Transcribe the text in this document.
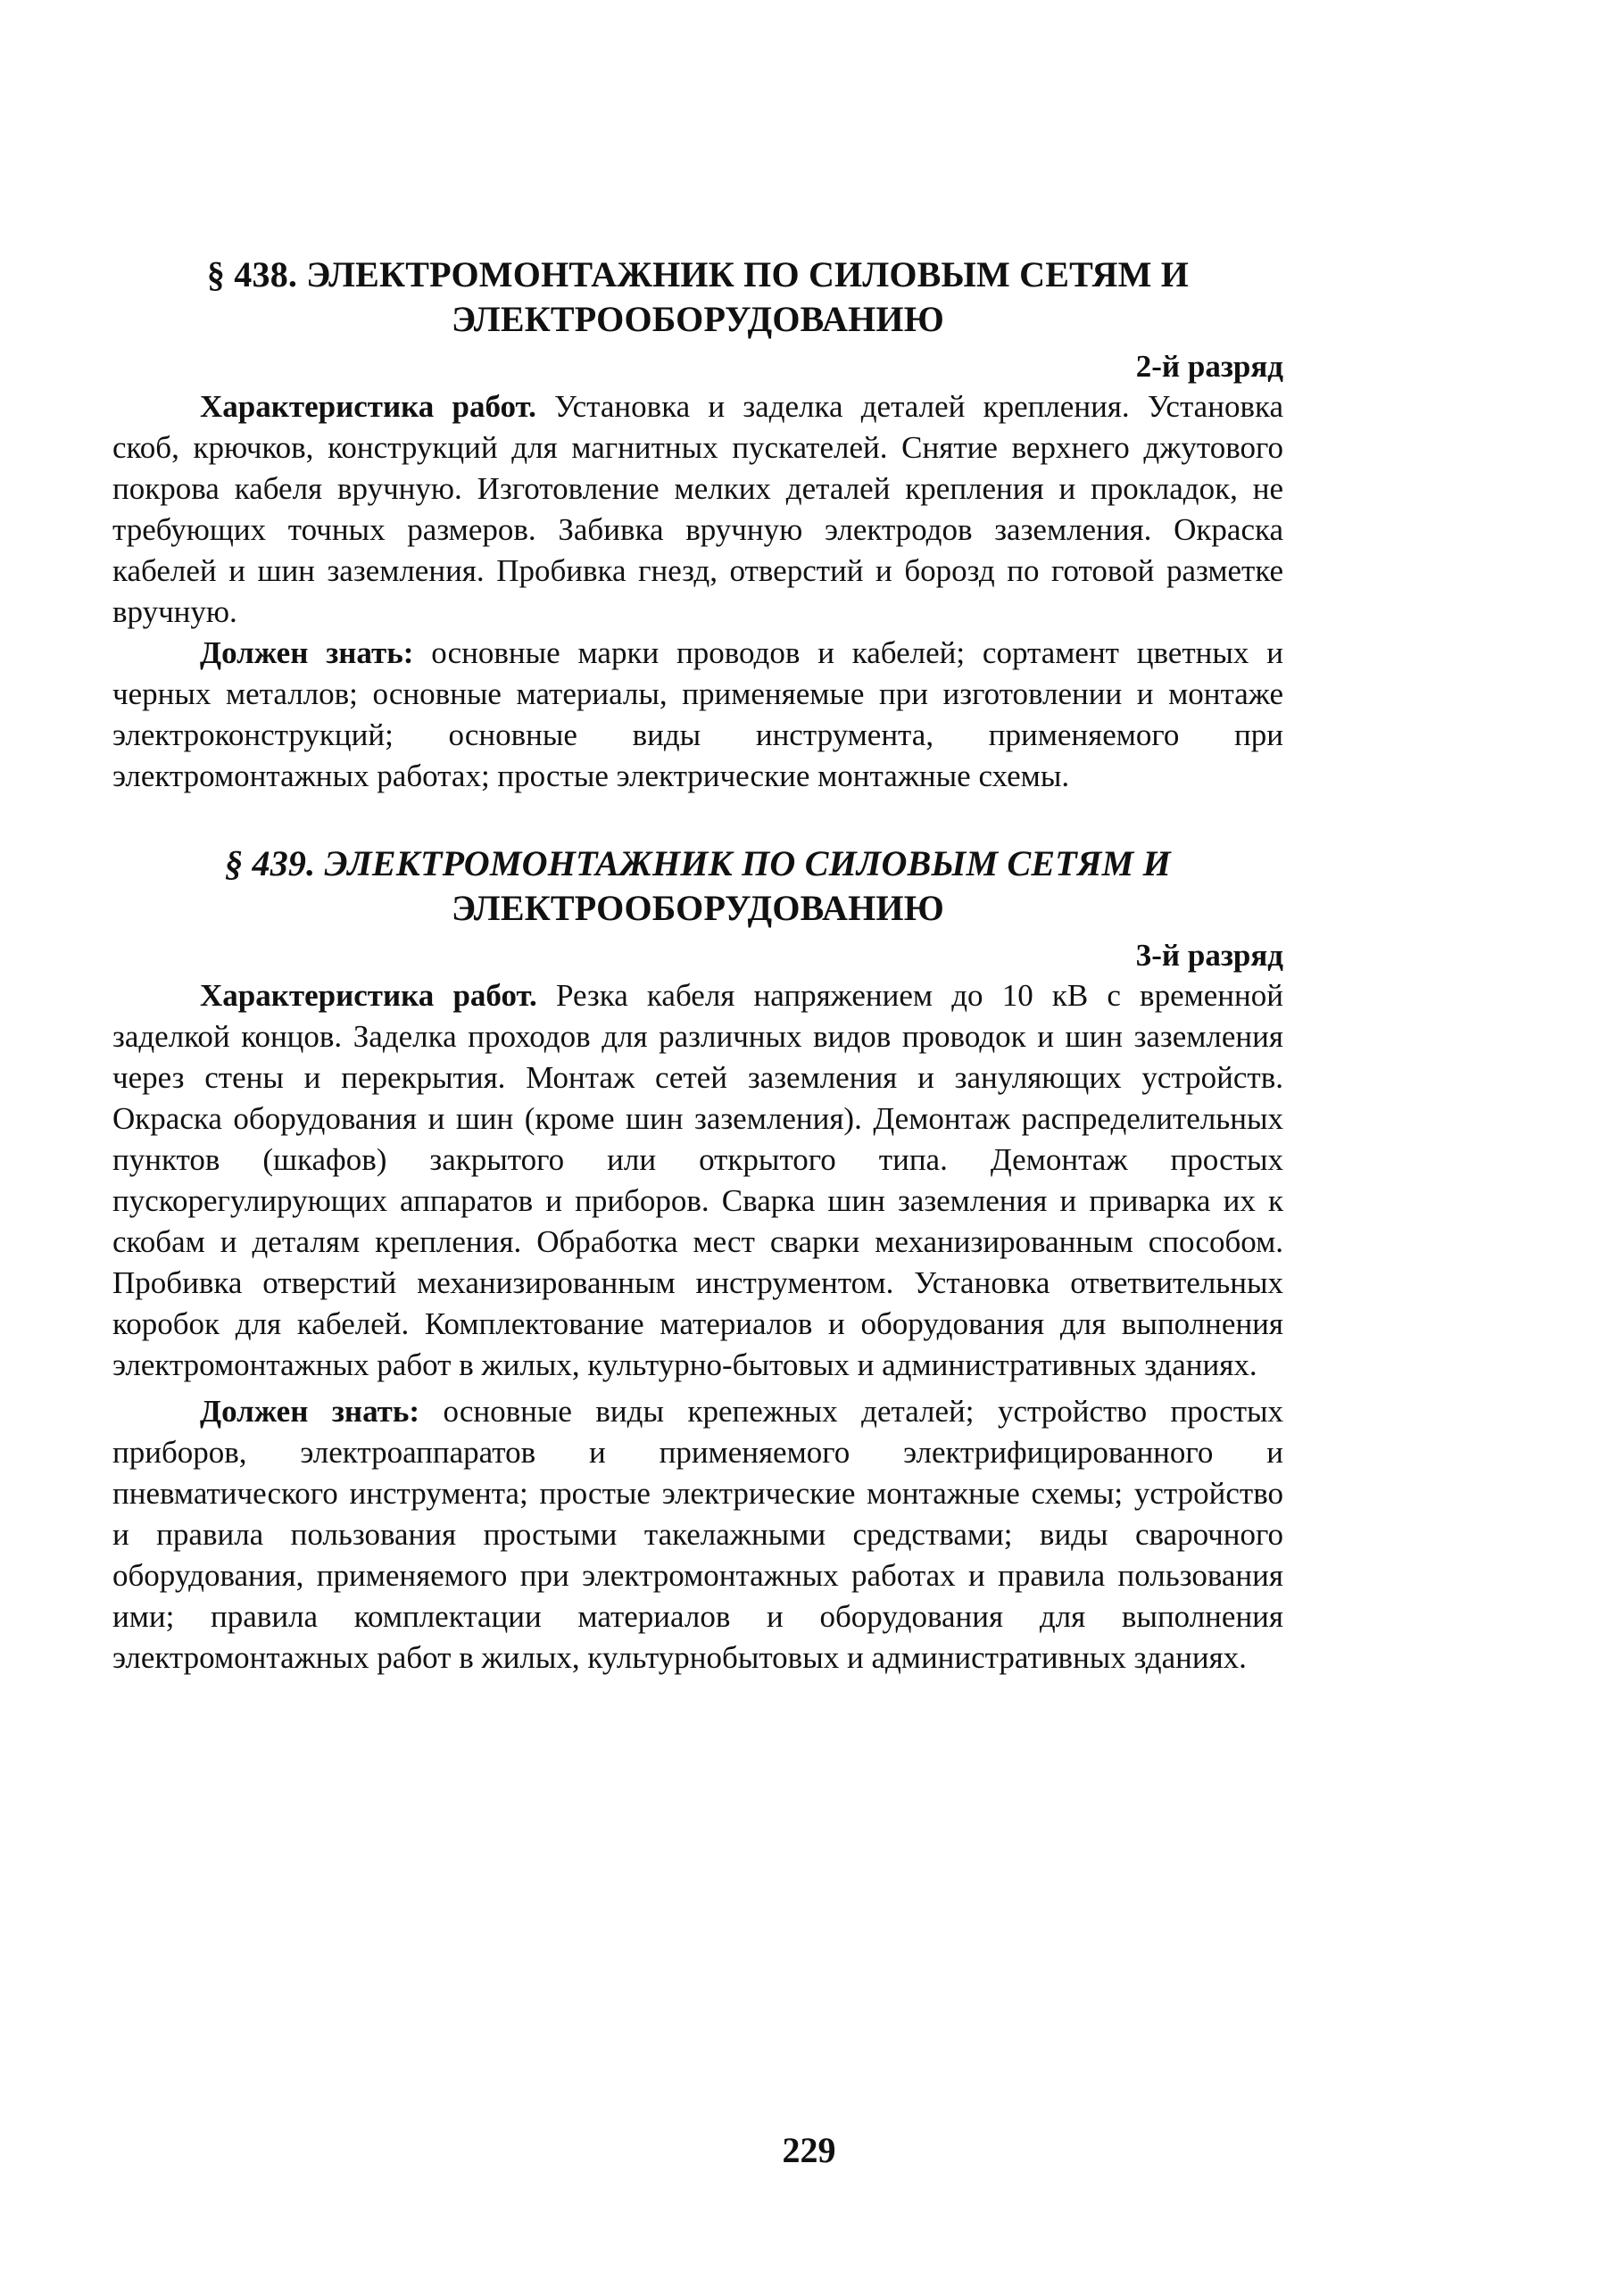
§ 438. ЭЛЕКТРОМОНТАЖНИК ПО СИЛОВЫМ СЕТЯМ И
ЭЛЕКТРООБОРУДОВАНИЮ
2-й разряд

Характеристика работ. Установка и заделка деталей крепления. Установка скоб, крючков, конструкций для магнитных пускателей. Снятие верхнего джутового покрова кабеля вручную. Изготовление мелких деталей крепления и прокладок, не требующих точных размеров. Забивка вручную электродов заземления. Окраска кабелей и шин заземления. Пробивка гнезд, отверстий и борозд по готовой разметке вручную.

Должен знать: основные марки проводов и кабелей; сортамент цветных и черных металлов; основные материалы, применяемые при изготовлении и монтаже электроконструкций; основные виды инструмента, применяемого при электромонтажных работах; простые электрические монтажные схемы.

§ 439. ЭЛЕКТРОМОНТАЖНИК ПО СИЛОВЫМ СЕТЯМ И
ЭЛЕКТРООБОРУДОВАНИЮ
3-й разряд

Характеристика работ. Резка кабеля напряжением до 10 кВ с временной заделкой концов. Заделка проходов для различных видов проводок и шин заземления через стены и перекрытия. Монтаж сетей заземления и зануляющих устройств. Окраска оборудования и шин (кроме шин заземления). Демонтаж распределительных пунктов (шкафов) закрытого или открытого типа. Демонтаж простых пускорегулирующих аппаратов и приборов. Сварка шин заземления и приварка их к скобам и деталям крепления. Обработка мест сварки механизированным способом. Пробивка отверстий механизированным инструментом. Установка ответвительных коробок для кабелей. Комплектование материалов и оборудования для выполнения электромонтажных работ в жилых, культурно-бытовых и административных зданиях.

Должен знать: основные виды крепежных деталей; устройство простых приборов, электроаппаратов и применяемого электрифицированного и пневматического инструмента; простые электрические монтажные схемы; устройство и правила пользования простыми такелажными средствами; виды сварочного оборудования, применяемого при электромонтажных работах и правила пользования ими; правила комплектации материалов и оборудования для выполнения электромонтажных работ в жилых, культурнобытовых и административных зданиях.

229
